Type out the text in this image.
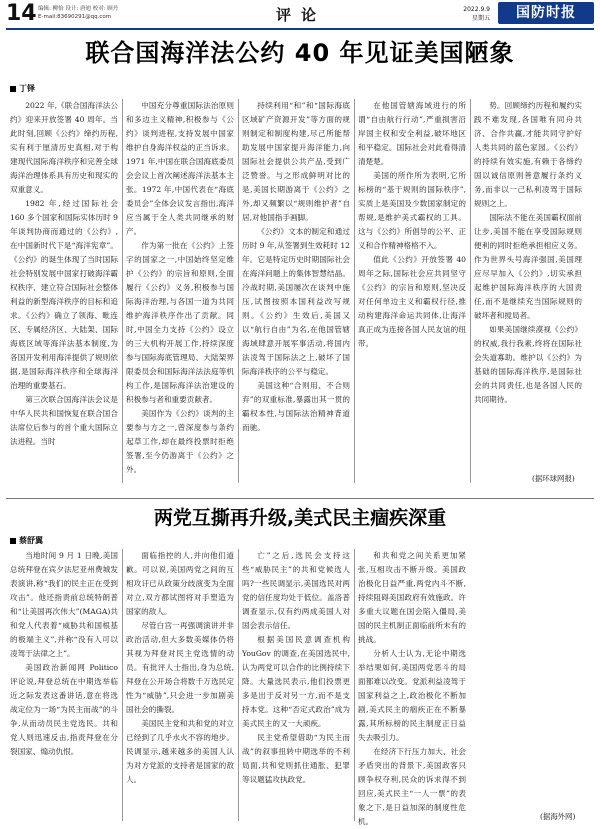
14 编辑: 柳怡 设计: 唐迪 校对: 顾丹
E-mail:83690291@qq.com	评论	2022.9.9
星期五	国防时报
联合国海洋法公约 40 年见证美国陋象
丁铎

2022 年,《联合国海洋法公约》迎来开放签署 40 周年。当此时刻,回顾《公约》缔约历程,实有利于厘清历史真相,对于构建现代国际海洋秩序和完善全球海洋治理体系具有历史和现实的双重意义。

1982 年,经过国际社会 160 多个国家和国际实体历时 9 年谈判协商而通过的《公约》,在中国新时代下是“海洋宪章”。《公约》的诞生体现了当时国际社会特别发展中国家打破海洋霸权秩序、建立符合国际社会整体利益的新型海洋秩序的目标和追求。《公约》确立了领海、毗连区、专属经济区、大陆架、国际海底区域等海洋法基本制度,为各国开发利用海洋提供了规则依据,是国际海洋秩序和全球海洋治理的重要基石。

第三次联合国海洋法会议是中华人民共和国恢复在联合国合法席位后参与的首个重大国际立法进程。当时

中国充分尊重国际法治原则和多边主义精神,积极参与《公约》谈判进程,支持发展中国家维护自身海洋权益的正当诉求。1971 年,中国在联合国海底委员会会议上首次阐述海洋法基本主张。1972 年,中国代表在“海底委员会”全体会议发言指出,海洋应当属于全人类共同继承的财产。

作为第一批在《公约》上签字的国家之一,中国始终坚定维护《公约》的宗旨和原则,全面履行《公约》义务,积极参与国际海洋治理,与各国一道为共同维护海洋秩序作出了贡献。同时,中国全力支持《公约》设立的三大机构开展工作,持续深度参与国际海底管理局、大陆架界限委员会和国际海洋法法庭等机构工作,是国际海洋法治建设的积极参与者和重要贡献者。

美国作为《公约》谈判的主要参与方之一,曾深度参与条约起草工作,却在最终投票时拒绝签署,至今仍游离于《公约》之外。

持续利用“和”和“国际海底区域矿产资源开发”等方面的规则制定和制度构建,尽己所能帮助发展中国家提升海洋能力,向国际社会提供公共产品,受到广泛赞誉。与之形成鲜明对比的是,美国长期游离于《公约》之外,却又频繁以“规则维护者”自居,对他国指手画脚。

《公约》文本的制定和通过历时 9 年,从签署到生效耗时 12 年。它是特定历史时期国际社会在海洋问题上的集体智慧结晶。冷战时期,美国屡次在谈判中施压,试图按照本国利益改写规则。《公约》生效后,美国又以“航行自由”为名,在他国管辖海域肆意开展军事活动,将国内法凌驾于国际法之上,破坏了国际海洋秩序的公平与稳定。

美国这种“合则用、不合则弃”的双重标准,暴露出其一贯的霸权本性,与国际法治精神背道而驰。

势。回顾缔约历程和履约实践不难发现,各国唯有同舟共济、合作共赢,才能共同守护好人类共同的蓝色家园。《公约》的持续有效实施,有赖于各缔约国以诚信原则善意履行条约义务,而非以一己私利凌驾于国际规则之上。

国际法不能在美国霸权面前让步,美国不能在享受国际规则便利的同时拒绝承担相应义务。作为世界头号海洋强国,美国理应尽早加入《公约》,切实承担起维护国际海洋秩序的大国责任,而不是继续充当国际规则的破坏者和搅局者。

如果美国继续漠视《公约》的权威,我行我素,终将在国际社会失道寡助。维护以《公约》为基础的国际海洋秩序,是国际社会的共同责任,也是各国人民的共同期待。

在他国管辖海域进行的所谓“自由航行行动”,严重损害沿岸国主权和安全利益,破坏地区和平稳定。国际社会对此看得清清楚楚。

美国的所作所为表明,它所标榜的“基于规则的国际秩序”,实质上是美国及少数国家制定的帮规,是维护美式霸权的工具。这与《公约》所倡导的公平、正义和合作精神格格不入。

值此《公约》开放签署 40 周年之际,国际社会应共同坚守《公约》的宗旨和原则,坚决反对任何单边主义和霸权行径,推动构建海洋命运共同体,让海洋真正成为连接各国人民友谊的纽带。

(据环球网报)
两党互撕再升级,美式民主痼疾深重
蔡舒翼

当地时间 9 月 1 日晚,美国总统拜登在宾夕法尼亚州费城发表演讲,称“我们的民主正在受到攻击”。他还指责前总统特朗普和“让美国再次伟大”(MAGA)共和党人代表着“威胁共和国根基的极端主义”,并称“没有人可以凌驾于法律之上”。

美国政治新闻网 Politico 评论说,拜登总统在中期选举临近之际发表这番讲话,意在将选战定位为一场“为民主而战”的斗争,从而动员民主党选民。共和党人则迅速反击,指责拜登在分裂国家、煽动仇恨。

面临指控的人,并向他们道歉。可以说,美国两党之间的互相攻讦已从政策分歧演变为全面对立,双方都试图将对手塑造为国家的敌人。

尽管白宫一再强调演讲并非政治活动,但大多数美媒体仍将其视为拜登对民主党选情的动员。有批评人士指出,身为总统,拜登在公开场合将数千万选民定性为“威胁”,只会进一步加剧美国社会的撕裂。

美国民主党和共和党的对立已经到了几乎水火不容的地步。民调显示,越来越多的美国人认为对方党派的支持者是国家的敌人。

亡”之后,选民会支持这些“威胁民主”的共和党候选人吗?一些民调显示,美国选民对两党的信任度均处于低位。盖洛普调查显示,仅有约两成美国人对国会表示信任。

根据美国民意调查机构 YouGov 的调查,在美国选民中,认为两党可以合作的比例持续下降。大量选民表示,他们投票更多是出于反对另一方,而不是支持本党。这种“否定式政治”成为美式民主的又一大顽疾。

民主党希望借助“为民主而战”的叙事扭转中期选举的不利局面,共和党则抓住通胀、犯罪等议题猛攻执政党。

和共和党之间关系更加紧张,互相攻击不断升级。美国政治极化日益严重,两党内斗不断,持续阻碍美国政府有效施政。许多重大议题在国会陷入僵局,美国的民主机制正面临前所未有的挑战。

分析人士认为,无论中期选举结果如何,美国两党恶斗的局面都难以改变。党派利益凌驾于国家利益之上,政治极化不断加剧,美式民主的痼疾正在不断暴露,其所标榜的民主制度正日益失去吸引力。

在经济下行压力加大、社会矛盾突出的背景下,美国政客只顾争权夺利,民众的诉求得不到回应,美式民主“一人一票”的表象之下,是日益加深的制度性危机。

(据海外网)
